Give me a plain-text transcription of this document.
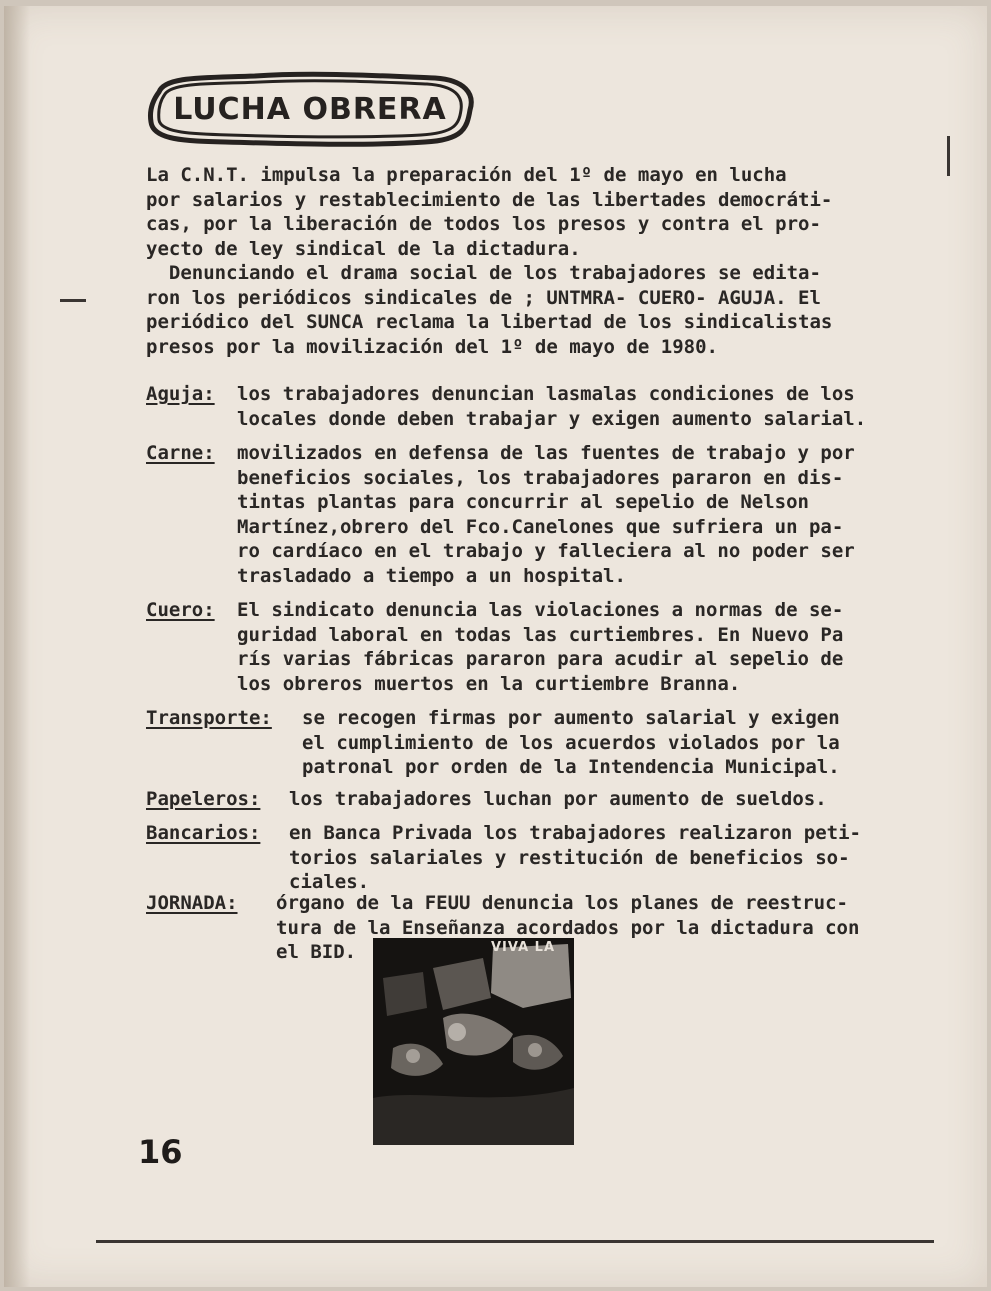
LUCHA OBRERA

La C.N.T. impulsa la preparación del 1º de mayo en lucha

por salarios y restablecimiento de las libertades democráti-

cas, por la liberación de todos los presos y contra el pro-

yecto de ley sindical de la dictadura.

Denunciando el drama social de los trabajadores se edita-

ron los periódicos sindicales de ; UNTMRA- CUERO- AGUJA. El

periódico del SUNCA reclama la libertad de los sindicalistas

presos por la movilización del 1º de mayo de 1980.

Aguja: los trabajadores denuncian lasmalas condiciones de los

locales donde deben trabajar y exigen aumento salarial.

Carne: movilizados en defensa de las fuentes de trabajo y por

beneficios sociales, los trabajadores pararon en dis-

tintas plantas para concurrir al sepelio de Nelson

Martínez,obrero del Fco.Canelones que sufriera un pa-

ro cardíaco en el trabajo y falleciera al no poder ser

trasladado a tiempo a un hospital.

Cuero: El sindicato denuncia las violaciones a normas de se-

guridad laboral en todas las curtiembres. En Nuevo Pa

rís varias fábricas pararon para acudir al sepelio de

los obreros muertos en la curtiembre Branna.

Transporte: se recogen firmas por aumento salarial y exigen

el cumplimiento de los acuerdos violados por la

patronal por orden de la Intendencia Municipal.

Papeleros: los trabajadores luchan por aumento de sueldos.

Bancarios: en Banca Privada los trabajadores realizaron peti-

torios salariales y restitución de beneficios so-

ciales.

JORNADA: órgano de la FEUU denuncia los planes de reestruc-

tura de la Enseñanza acordados por la dictadura con

el BID.	VIVA LA
16
